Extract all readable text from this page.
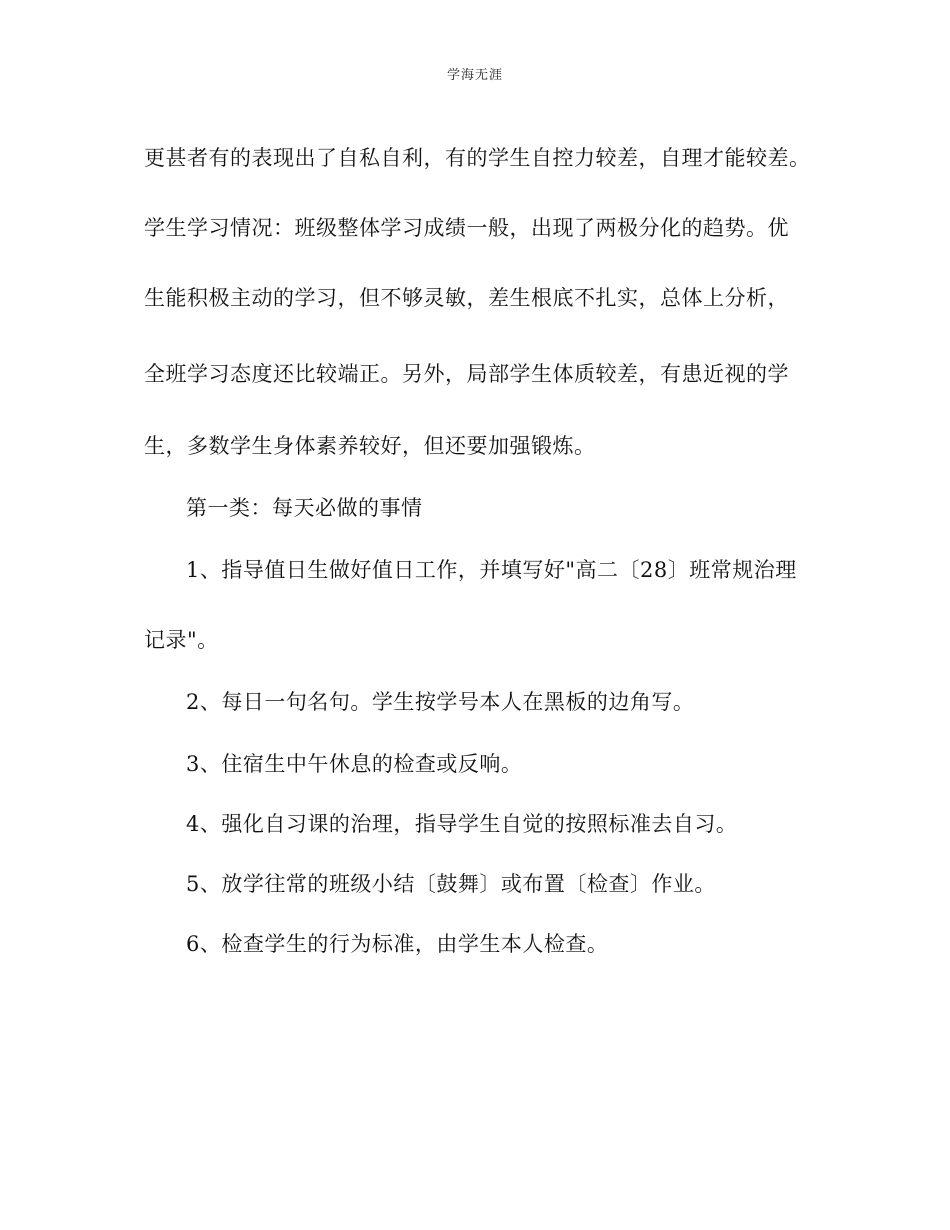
学海无涯
更甚者有的表现出了自私自利，有的学生自控力较差，自理才能较差。
学生学习情况：班级整体学习成绩一般，出现了两极分化的趋势。优
生能积极主动的学习，但不够灵敏，差生根底不扎实，总体上分析，
全班学习态度还比较端正。另外，局部学生体质较差，有患近视的学
生，多数学生身体素养较好，但还要加强锻炼。
第一类：每天必做的事情
1、指导值日生做好值日工作，并填写好"高二〔28〕班常规治理
记录"。
2、每日一句名句。学生按学号本人在黑板的边角写。
3、住宿生中午休息的检查或反响。
4、强化自习课的治理，指导学生自觉的按照标准去自习。
5、放学往常的班级小结〔鼓舞〕或布置〔检查〕作业。
6、检查学生的行为标准，由学生本人检查。
